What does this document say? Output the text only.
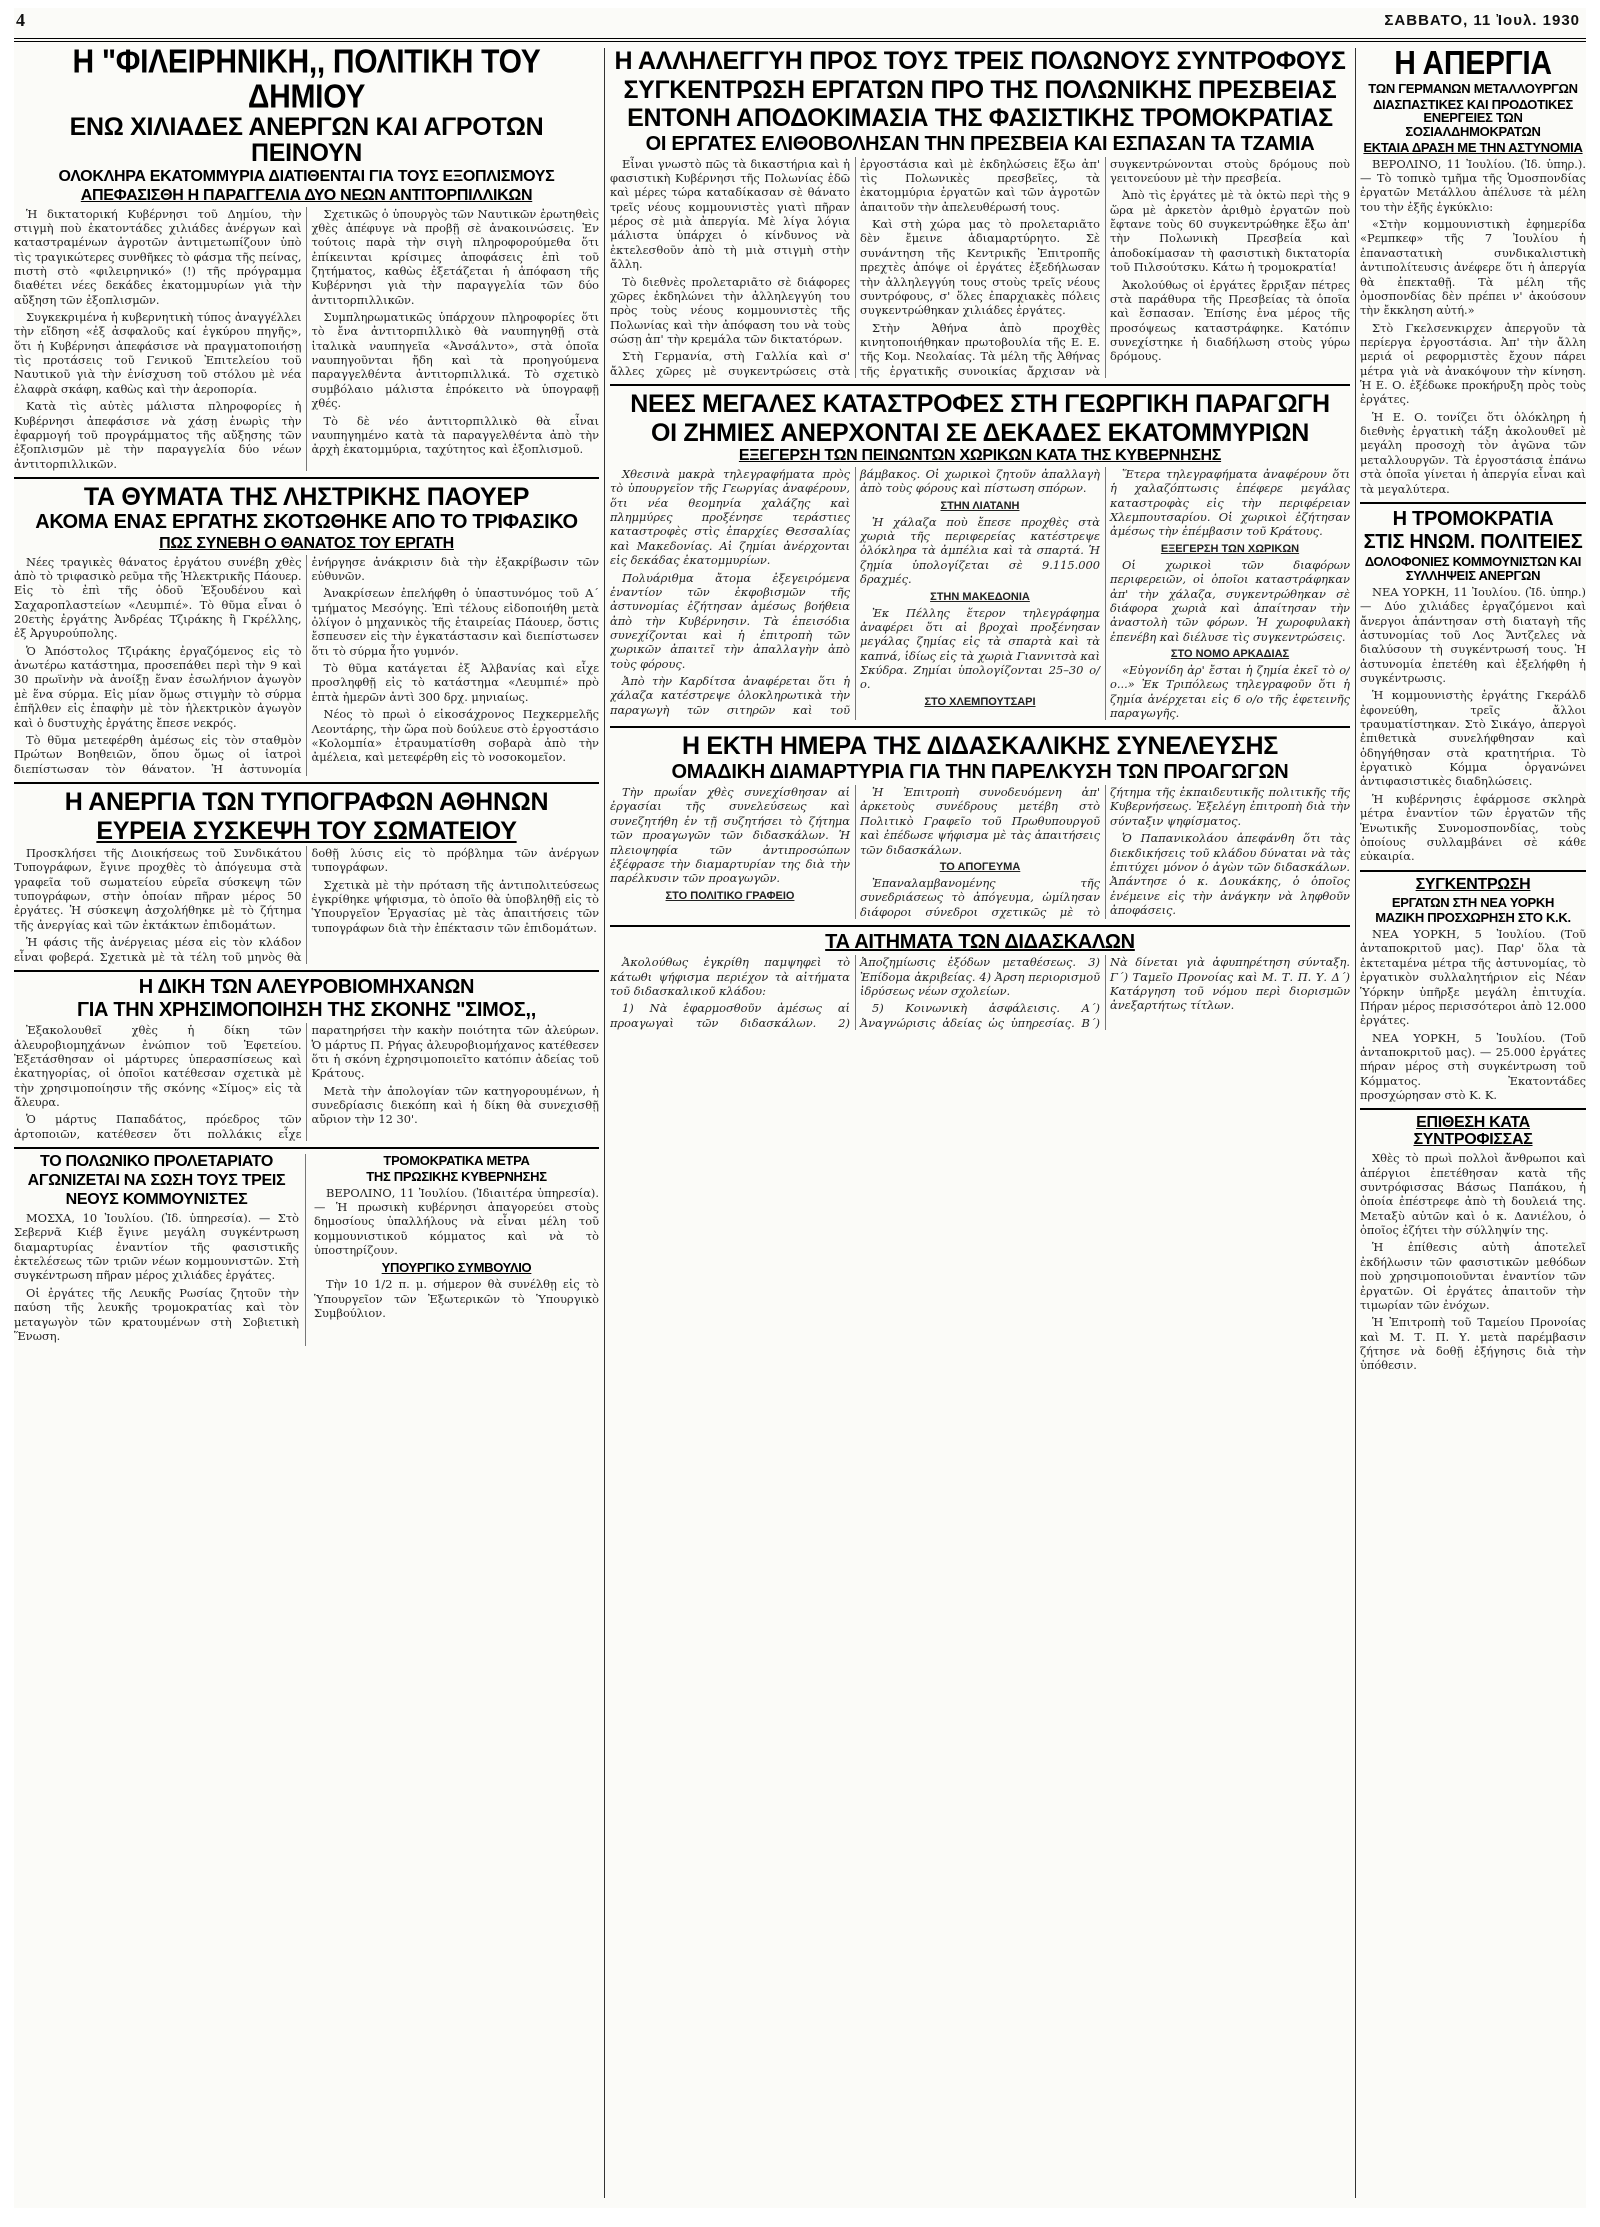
4	ΣΑΒΒΑΤΟ, 11 Ἰουλ. 1930
Η "ΦΙΛΕΙΡΗΝΙΚΗ,, ΠΟΛΙΤΙΚΗ ΤΟΥ ΔΗΜΙΟΥ
ΕΝΩ ΧΙΛΙΑΔΕΣ ΑΝΕΡΓΩΝ ΚΑΙ ΑΓΡΟΤΩΝ ΠΕΙΝΟΥΝ
ΟΛΟΚΛΗΡΑ ΕΚΑΤΟΜΜΥΡΙΑ ΔΙΑΤΙΘΕΝΤΑΙ ΓΙΑ ΤΟΥΣ ΕΞΟΠΛΙΣΜΟΥΣ
ΑΠΕΦΑΣΙΣΘΗ Η ΠΑΡΑΓΓΕΛΙΑ ΔΥΟ ΝΕΩΝ ΑΝΤΙΤΟΡΠΙΛΛΙΚΩΝ

Ἡ δικτατορική Κυβέρνησι τοῦ Δημίου, τὴν στιγμὴ ποὺ ἑκατοντάδες χιλιάδες ἀνέργων καὶ καταστραμένων ἀγροτῶν ἀντιμετωπίζουν ὑπὸ τὶς τραγικώτερες συνθῆκες τὸ φάσμα τῆς πείνας, πιστὴ στὸ «φιλειρηνικό» (!) τῆς πρόγραμμα διαθέτει νέες δεκάδες ἑκατομμυρίων γιὰ τὴν αὔξηση τῶν ἐξοπλισμῶν.

Συγκεκριμένα ἡ κυβερνητικὴ τύπος ἀναγγέλλει τὴν εἴδηση «ἐξ ἀσφαλοῦς καί ἐγκύρου πηγῆς», ὅτι ἡ Κυβέρνησι ἀπεφάσισε νὰ πραγματοποιήσῃ τὶς προτάσεις τοῦ Γενικοῦ Ἐπιτελείου τοῦ Ναυτικοῦ γιὰ τὴν ἐνίσχυση τοῦ στόλου μὲ νέα ἐλαφρὰ σκάφη, καθὼς καὶ τὴν ἀεροπορία.

Κατὰ τὶς αὐτὲς μάλιστα πληροφορίες ἡ Κυβέρνησι ἀπεφάσισε νὰ χάσῃ ἐνωρὶς τὴν ἐφαρμογή τοῦ προγράμματος τῆς αὔξησης τῶν ἐξοπλισμῶν μὲ τὴν παραγγελία δύο νέων ἀντιτορπιλλικῶν.

Σχετικῶς ὁ ὑπουργὸς τῶν Ναυτικῶν ἐρωτηθεὶς χθὲς ἀπέφυγε νὰ προβῇ σὲ ἀνακοινώσεις. Ἐν τούτοις παρὰ τὴν σιγὴ πληροφορούμεθα ὅτι ἐπίκεινται κρίσιμες ἀποφάσεις ἐπὶ τοῦ ζητήματος, καθὼς ἐξετάζεται ἡ ἀπόφαση τῆς Κυβέρνησι γιὰ τὴν παραγγελία τῶν δύο ἀντιτορπιλλικῶν.

Συμπληρωματικῶς ὑπάρχουν πληροφορίες ὅτι τὸ ἔνα ἀντιτορπιλλικὸ θὰ ναυπηγηθῇ στὰ ἰταλικὰ ναυπηγεῖα «Ἀνσάλντο», στὰ ὁποῖα ναυπηγοῦνται ἤδη καὶ τὰ προηγούμενα παραγγελθέντα ἀντιτορπιλλικά. Τὸ σχετικὸ συμβόλαιο μάλιστα ἐπρόκειτο νὰ ὑπογραφῇ χθές.

Τὸ δὲ νέο ἀντιτορπιλλικὸ θὰ εἶναι ναυπηγημένο κατὰ τὰ παραγγελθέντα ἀπὸ τὴν ἀρχὴ ἑκατομμύρια, ταχύτητος καὶ ἐξοπλισμοῦ.

ΤΑ ΘΥΜΑΤΑ ΤΗΣ ΛΗΣΤΡΙΚΗΣ ΠΑΟΥΕΡ
ΑΚΟΜΑ ΕΝΑΣ ΕΡΓΑΤΗΣ ΣΚΟΤΩΘΗΚΕ ΑΠΟ ΤΟ ΤΡΙΦΑΣΙΚΟ
ΠΩΣ ΣΥΝΕΒΗ Ο ΘΑΝΑΤΟΣ ΤΟΥ ΕΡΓΑΤΗ

Νέες τραγικὲς θάνατος ἐργάτου συνέβη χθὲς ἀπὸ τὸ τριφασικὸ ρεῦμα τῆς Ἡλεκτρικῆς Πάουερ. Εἰς τὸ ἐπὶ τῆς ὁδοῦ Ἑξουδένου καὶ Σαχαροπλαστείων «Λευμπιέ». Τὸ θῦμα εἶναι ὁ 20ετὴς ἐργάτης Ἀνδρέας Τζιράκης ἢ Γκρέλλης, ἐξ Ἀργυρούπολης.

Ὁ Ἀπόστολος Τζιράκης ἐργαζόμενος εἰς τὸ ἀνωτέρω κατάστημα, προσεπάθει περὶ τὴν 9 καὶ 30 πρωϊνὴν νὰ ἀνοίξῃ ἕναν ἐσωλήνιον ἀγωγὸν μὲ ἕνα σύρμα. Εἰς μίαν ὅμως στιγμὴν τὸ σύρμα ἐπῆλθεν εἰς ἐπαφὴν μὲ τὸν ἠλεκτρικὸν ἀγωγὸν καὶ ὁ δυστυχὴς ἐργάτης ἔπεσε νεκρός.

Τὸ θῦμα μετεφέρθη ἀμέσως εἰς τὸν σταθμὸν Πρώτων Βοηθειῶν, ὅπου ὅμως οἱ ἰατροὶ διεπίστωσαν τὸν θάνατον. Ἡ ἀστυνομία ἐνήργησε ἀνάκρισιν διὰ τὴν ἐξακρίβωσιν τῶν εὐθυνῶν.

Ἀνακρίσεων ἐπελήφθη ὁ ὑπαστυνόμος τοῦ Α΄ τμήματος Μεσόγης. Ἐπὶ τέλους εἰδοποιήθη μετὰ ὀλίγον ὁ μηχανικὸς τῆς ἑταιρείας Πάουερ, ὅστις ἔσπευσεν εἰς τὴν ἐγκατάστασιν καὶ διεπίστωσεν ὅτι τὸ σύρμα ἦτο γυμνόν.

Τὸ θῦμα κατάγεται ἐξ Ἀλβανίας καὶ εἶχε προσληφθῇ εἰς τὸ κατάστημα «Λευμπιέ» πρὸ ἑπτὰ ἡμερῶν ἀντὶ 300 δρχ. μηνιαίως.

Νέος τὸ πρωὶ ὁ εἰκοσάχρονος Πεχκερμελῆς Λεοντάρης, τὴν ὥρα ποὺ δούλευε στὸ ἐργοστάσιο «Κολομπία» ἐτραυματίσθη σοβαρὰ ἀπὸ τὴν ἀμέλεια, καὶ μετεφέρθη εἰς τὸ νοσοκομεῖον.

Η ΑΝΕΡΓΙΑ ΤΩΝ ΤΥΠΟΓΡΑΦΩΝ ΑΘΗΝΩΝ
ΕΥΡΕΙΑ ΣΥΣΚΕΨΗ ΤΟΥ ΣΩΜΑΤΕΙΟΥ

Προσκλήσει τῆς Διοικήσεως τοῦ Συνδικάτου Τυπογράφων, ἔγινε προχθὲς τὸ ἀπόγευμα στὰ γραφεῖα τοῦ σωματείου εὐρεῖα σύσκεψη τῶν τυπογράφων, στὴν ὁποίαν πῆραν μέρος 50 ἐργάτες. Ἡ σύσκεψη ἀσχολήθηκε μὲ τὸ ζήτημα τῆς ἀνεργίας καὶ τῶν ἐκτάκτων ἐπιδομάτων.

Ἡ φάσις τῆς ἀνέργειας μέσα εἰς τὸν κλάδον εἶναι φοβερά. Σχετικὰ μὲ τὰ τέλη τοῦ μηνὸς θὰ δοθῇ λύσις εἰς τὸ πρόβλημα τῶν ἀνέργων τυπογράφων.

Σχετικὰ μὲ τὴν πρόταση τῆς ἀντιπολιτεύσεως ἐγκρίθηκε ψήφισμα, τὸ ὁποῖο θὰ ὑποβληθῇ εἰς τὸ Ὑπουργεῖον Ἐργασίας μὲ τὰς ἀπαιτήσεις τῶν τυπογράφων διὰ τὴν ἐπέκτασιν τῶν ἐπιδομάτων.

Η ΔΙΚΗ ΤΩΝ ΑΛΕΥΡΟΒΙΟΜΗΧΑΝΩΝ
ΓΙΑ ΤΗΝ ΧΡΗΣΙΜΟΠΟΙΗΣΗ ΤΗΣ ΣΚΟΝΗΣ "ΣΙΜΟΣ,,

Ἐξακολουθεῖ χθὲς ἡ δίκη τῶν ἀλευροβιομηχάνων ἐνώπιον τοῦ Ἐφετείου. Ἐξετάσθησαν οἱ μάρτυρες ὑπερασπίσεως καὶ ἐκατηγορίας, οἱ ὁποῖοι κατέθεσαν σχετικὰ μὲ τὴν χρησιμοποίησιν τῆς σκόνης «Σίμος» εἰς τὰ ἄλευρα.

Ὁ μάρτυς Παπαδάτος, πρόεδρος τῶν ἀρτοποιῶν, κατέθεσεν ὅτι πολλάκις εἶχε παρατηρήσει τὴν κακὴν ποιότητα τῶν ἀλεύρων. Ὁ μάρτυς Π. Ρήγας ἀλευροβιομήχανος κατέθεσεν ὅτι ἡ σκόνη ἐχρησιμοποιεῖτο κατόπιν ἀδείας τοῦ Κράτους.

Μετὰ τὴν ἀπολογίαν τῶν κατηγορουμένων, ἡ συνεδρίασις διεκόπη καὶ ἡ δίκη θὰ συνεχισθῇ αὔριον τὴν 12 30'.

ΤΟ ΠΟΛΩΝΙΚΟ ΠΡΟΛΕΤΑΡΙΑΤΟ
ΑΓΩΝΙΖΕΤΑΙ ΝΑ ΣΩΣΗ ΤΟΥΣ ΤΡΕΙΣ
ΝΕΟΥΣ ΚΟΜΜΟΥΝΙΣΤΕΣ

ΜΟΣΧΑ, 10 Ἰουλίου. (Ἰδ. ὑπηρεσία). — Στὸ Σεβερνᾶ Κιέβ ἔγινε μεγάλη συγκέντρωση διαμαρτυρίας ἐναντίον τῆς φασιστικῆς ἐκτελέσεως τῶν τριῶν νέων κομμουνιστῶν. Στὴ συγκέντρωση πῆραν μέρος χιλιάδες ἐργάτες.

Οἱ ἐργάτες τῆς Λευκῆς Ρωσίας ζητοῦν τὴν παύση τῆς λευκῆς τρομοκρατίας καὶ τὸν μεταγωγὸν τῶν κρατουμένων στὴ Σοβιετικὴ Ἕνωση.

ΤΡΟΜΟΚΡΑΤΙΚΑ ΜΕΤΡΑ
ΤΗΣ ΠΡΩΣΙΚΗΣ ΚΥΒΕΡΝΗΣΗΣ

ΒΕΡΟΛΙΝΟ, 11 Ἰουλίου. (Ἰδιαιτέρα ὑπηρεσία). — Ἡ πρωσικὴ κυβέρνησι ἀπαγορεύει στοὺς δημοσίους ὑπαλλήλους νὰ εἶναι μέλη τοῦ κομμουνιστικοῦ κόμματος καὶ νὰ τὸ ὑποστηρίζουν.

ΥΠΟΥΡΓΙΚΟ ΣΥΜΒΟΥΛΙΟ

Τὴν 10 1/2 π. μ. σήμερον θὰ συνέλθῃ εἰς τὸ Ὑπουργεῖον τῶν Ἐξωτερικῶν τὸ Ὑπουργικὸ Συμβούλιον.

Η ΑΛΛΗΛΕΓΓΥΗ ΠΡΟΣ ΤΟΥΣ ΤΡΕΙΣ ΠΟΛΩΝΟΥΣ ΣΥΝΤΡΟΦΟΥΣ
ΣΥΓΚΕΝΤΡΩΣΗ ΕΡΓΑΤΩΝ ΠΡΟ ΤΗΣ ΠΟΛΩΝΙΚΗΣ ΠΡΕΣΒΕΙΑΣ
ΕΝΤΟΝΗ ΑΠΟΔΟΚΙΜΑΣΙΑ ΤΗΣ ΦΑΣΙΣΤΙΚΗΣ ΤΡΟΜΟΚΡΑΤΙΑΣ
ΟΙ ΕΡΓΑΤΕΣ ΕΛΙΘΟΒΟΛΗΣΑΝ ΤΗΝ ΠΡΕΣΒΕΙΑ ΚΑΙ ΕΣΠΑΣΑΝ ΤΑ ΤΖΑΜΙΑ

Εἶναι γνωστὸ πῶς τὰ δικαστήρια καὶ ἡ φασιστικὴ Κυβέρνησι τῆς Πολωνίας ἐδῶ καὶ μέρες τώρα καταδίκασαν σὲ θάνατο τρεῖς νέους κομμουνιστὲς γιατὶ πῆραν μέρος σὲ μιὰ ἀπεργία. Μὲ λίγα λόγια μάλιστα ὑπάρχει ὁ κίνδυνος νὰ ἐκτελεσθοῦν ἀπὸ τὴ μιὰ στιγμὴ στὴν ἄλλη.

Τὸ διεθνὲς προλεταριᾶτο σὲ διάφορες χῶρες ἐκδηλώνει τὴν ἀλληλεγγύη του πρὸς τοὺς νέους κομμουνιστὲς τῆς Πολωνίας καὶ τὴν ἀπόφαση του νὰ τοὺς σώσῃ ἀπ' τὴν κρεμάλα τῶν δικτατόρων.

Στὴ Γερμανία, στὴ Γαλλία καὶ σ' ἄλλες χῶρες μὲ συγκεντρώσεις στὰ ἐργοστάσια καὶ μὲ ἐκδηλώσεις ἔξω ἀπ' τὶς Πολωνικὲς πρεσβεῖες, τὰ ἐκατομμύρια ἐργατῶν καὶ τῶν ἀγροτῶν ἀπαιτοῦν τὴν ἀπελευθέρωσή τους.

Καὶ στὴ χώρα μας τὸ προλεταριᾶτο δὲν ἔμεινε ἀδιαμαρτύρητο. Σὲ συνάντηση τῆς Κεντρικῆς Ἐπιτροπῆς πρεχτὲς ἀπόψε οἱ ἐργάτες ἐξεδήλωσαν τὴν ἀλληλεγγύη τους στοὺς τρεῖς νέους συντρόφους, σ' ὅλες ἐπαρχιακὲς πόλεις συγκεντρώθηκαν χιλιάδες ἐργάτες.

Στὴν Ἀθήνα ἀπὸ προχθὲς κινητοποιήθηκαν πρωτοβουλία τῆς Ε. Ε. τῆς Κομ. Νεολαίας. Τὰ μέλη τῆς Ἀθήνας τῆς ἐργατικῆς συνοικίας ἄρχισαν νὰ συγκεντρώνονται στοὺς δρόμους ποὺ γειτονεύουν μὲ τὴν πρεσβεία.

Ἀπὸ τὶς ἐργάτες μὲ τὰ ὀκτὼ περὶ τὴς 9 ὥρα μὲ ἀρκετὸν ἀριθμὸ ἐργατῶν ποὺ ἔφτανε τοὺς 60 συγκεντρώθηκε ἔξω ἀπ' τὴν Πολωνικὴ Πρεσβεία καὶ ἀποδοκίμασαν τὴ φασιστικὴ δικτατορία τοῦ Πιλσούτσκυ. Κάτω ἡ τρομοκρατία!

Ἀκολούθως οἱ ἐργάτες ἔρριξαν πέτρες στὰ παράθυρα τῆς Πρεσβείας τὰ ὁποῖα καὶ ἔσπασαν. Ἐπίσης ἐνα μέρος τῆς προσόψεως καταστράφηκε. Κατόπιν συνεχίστηκε ἡ διαδήλωση στοὺς γύρω δρόμους.

ΝΕΕΣ ΜΕΓΑΛΕΣ ΚΑΤΑΣΤΡΟΦΕΣ ΣΤΗ ΓΕΩΡΓΙΚΗ ΠΑΡΑΓΩΓΗ
ΟΙ ΖΗΜΙΕΣ ΑΝΕΡΧΟΝΤΑΙ ΣΕ ΔΕΚΑΔΕΣ ΕΚΑΤΟΜΜΥΡΙΩΝ
ΕΞΕΓΕΡΣΗ ΤΩΝ ΠΕΙΝΩΝΤΩΝ ΧΩΡΙΚΩΝ ΚΑΤΑ ΤΗΣ ΚΥΒΕΡΝΗΣΗΣ

Χθεσινὰ μακρὰ τηλεγραφήματα πρὸς τὸ ὑπουργεῖον τῆς Γεωργίας ἀναφέρουν, ὅτι νέα θεομηνία χαλάζης καὶ πλημμύρες προξένησε τεράστιες καταστροφὲς στὶς ἐπαρχίες Θεσσαλίας καὶ Μακεδονίας. Αἱ ζημίαι ἀνέρχονται εἰς δεκάδας ἐκατομμυρίων.

Πολυάριθμα ἄτομα ἐξεγειρόμενα ἐναντίον τῶν ἐκφοβισμῶν τῆς ἀστυνομίας ἐζήτησαν ἀμέσως βοήθεια ἀπὸ τὴν Κυβέρνησιν. Τὰ ἐπεισόδια συνεχίζονται καὶ ἡ ἐπιτροπὴ τῶν χωρικῶν ἀπαιτεῖ τὴν ἀπαλλαγὴν ἀπὸ τοὺς φόρους.

Ἀπὸ τὴν Καρδίτσα ἀναφέρεται ὅτι ἡ χάλαζα κατέστρεψε ὁλοκληρωτικὰ τὴν παραγωγὴ τῶν σιτηρῶν καὶ τοῦ βάμβακος. Οἱ χωρικοὶ ζητοῦν ἀπαλλαγὴ ἀπὸ τοὺς φόρους καὶ πίστωση σπόρων.

ΣΤΗΝ ΛΙΑΤΑΝΗ

Ἡ χάλαζα ποὺ ἔπεσε προχθὲς στὰ χωριὰ τῆς περιφερείας κατέστρεψε ὁλόκληρα τὰ ἀμπέλια καὶ τὰ σπαρτά. Ἡ ζημία ὑπολογίζεται σὲ 9.115.000 δραχμές.

ΣΤΗΝ ΜΑΚΕΔΟΝΙΑ

Ἐκ Πέλλης ἕτερον τηλεγράφημα ἀναφέρει ὅτι αἱ βροχαὶ προξένησαν μεγάλας ζημίας εἰς τὰ σπαρτὰ καὶ τὰ καπνά, ἰδίως εἰς τὰ χωριὰ Γιαννιτσὰ καὶ Σκύδρα. Ζημίαι ὑπολογίζονται 25–30 ο/ο.

ΣΤΟ ΧΛΕΜΠΟΥΤΣΑΡΙ

Ἕτερα τηλεγραφήματα ἀναφέρουν ὅτι ἡ χαλαζόπτωσις ἐπέφερε μεγάλας καταστροφὰς εἰς τὴν περιφέρειαν Χλεμπουτσαρίου. Οἱ χωρικοὶ ἐζήτησαν ἀμέσως τὴν ἐπέμβασιν τοῦ Κράτους.

ΕΞΕΓΕΡΣΗ ΤΩΝ ΧΩΡΙΚΩΝ

Οἱ χωρικοὶ τῶν διαφόρων περιφερειῶν, οἱ ὁποῖοι καταστράφηκαν ἀπ' τὴν χάλαζα, συγκεντρώθηκαν σὲ διάφορα χωριὰ καὶ ἀπαίτησαν τὴν ἀναστολὴ τῶν φόρων. Ἡ χωροφυλακὴ ἐπενέβη καὶ διέλυσε τὶς συγκεντρώσεις.

ΣΤΟ ΝΟΜΟ ΑΡΚΑΔΙΑΣ

«Εὐγονίδη ἀρ' ἔσται ἡ ζημία ἐκεῖ τὸ ο/ο...» Ἐκ Τριπόλεως τηλεγραφοῦν ὅτι ἡ ζημία ἀνέρχεται εἰς 6 ο/ο τῆς ἐφετεινῆς παραγωγῆς.

Η ΕΚΤΗ ΗΜΕΡΑ ΤΗΣ ΔΙΔΑΣΚΑΛΙΚΗΣ ΣΥΝΕΛΕΥΣΗΣ
ΟΜΑΔΙΚΗ ΔΙΑΜΑΡΤΥΡΙΑ ΓΙΑ ΤΗΝ ΠΑΡΕΛΚΥΣΗ ΤΩΝ ΠΡΟΑΓΩΓΩΝ

Τὴν πρωΐαν χθὲς συνεχίσθησαν αἱ ἐργασίαι τῆς συνελεύσεως καὶ συνεζητήθη ἐν τῇ συζητήσει τὸ ζήτημα τῶν προαγωγῶν τῶν διδασκάλων. Ἡ πλειοψηφία τῶν ἀντιπροσώπων ἐξέφρασε τὴν διαμαρτυρίαν της διὰ τὴν παρέλκυσιν τῶν προαγωγῶν.

ΣΤΟ ΠΟΛΙΤΙΚΟ ΓΡΑΦΕΙΟ

Ἡ Ἐπιτροπὴ συνοδευόμενη ἀπ' ἀρκετοὺς συνέδρους μετέβη στὸ Πολιτικὸ Γραφεῖο τοῦ Πρωθυπουργοῦ καὶ ἐπέδωσε ψήφισμα μὲ τὰς ἀπαιτήσεις τῶν διδασκάλων.

ΤΟ ΑΠΟΓΕΥΜΑ

Ἐπαναλαμβανομένης τῆς συνεδριάσεως τὸ ἀπόγευμα, ὡμίλησαν διάφοροι σύνεδροι σχετικῶς μὲ τὸ ζήτημα τῆς ἐκπαιδευτικῆς πολιτικῆς τῆς Κυβερνήσεως. Ἐξελέγη ἐπιτροπὴ διὰ τὴν σύνταξιν ψηφίσματος.

Ὁ Παπανικολάου ἀπεφάνθη ὅτι τὰς διεκδικήσεις τοῦ κλάδου δύναται νὰ τὰς ἐπιτύχει μόνον ὁ ἀγὼν τῶν διδασκάλων. Ἀπάντησε ὁ κ. Δουκάκης, ὁ ὁποῖος ἐνέμεινε εἰς τὴν ἀνάγκην νὰ ληφθοῦν ἀποφάσεις.

ΤΑ ΑΙΤΗΜΑΤΑ ΤΩΝ ΔΙΔΑΣΚΑΛΩΝ

Ἀκολούθως ἐγκρίθη παμψηφεὶ τὸ κάτωθι ψήφισμα περιέχον τὰ αἰτήματα τοῦ διδασκαλικοῦ κλάδου:

1) Νὰ ἐφαρμοσθοῦν ἀμέσως αἱ προαγωγαὶ τῶν διδασκάλων. 2) Ἀποζημίωσις ἐξόδων μεταθέσεως. 3) Ἐπίδομα ἀκριβείας. 4) Ἀρση περιορισμοῦ ἰδρύσεως νέων σχολείων.

5) Κοινωνικὴ ἀσφάλεισις. Α΄) Ἀναγνώρισις ἀδείας ὡς ὑπηρεσίας. Β΄) Νὰ δίνεται γιὰ ἀφυπηρέτηση σύνταξη. Γ΄) Ταμεῖο Προνοίας καὶ Μ. Τ. Π. Υ. Δ΄) Κατάργηση τοῦ νόμου περὶ διορισμῶν ἀνεξαρτήτως τίτλων.

Η ΑΠΕΡΓΙΑ
ΤΩΝ ΓΕΡΜΑΝΩΝ ΜΕΤΑΛΛΟΥΡΓΩΝ
ΔΙΑΣΠΑΣΤΙΚΕΣ ΚΑΙ ΠΡΟΔΟΤΙΚΕΣ ΕΝΕΡΓΕΙΕΣ ΤΩΝ ΣΟΣΙΑΛΔΗΜΟΚΡΑΤΩΝ
ΕΚΤΑΙΑ ΔΡΑΣΗ ΜΕ ΤΗΝ ΑΣΤΥΝΟΜΙΑ

ΒΕΡΟΛΙΝΟ, 11 Ἰουλίου. (Ἰδ. ὑπηρ.). — Τὸ τοπικὸ τμῆμα τῆς Ὁμοσπονδίας ἐργατῶν Μετάλλου ἀπέλυσε τὰ μέλη του τὴν ἐξῆς ἐγκύκλιο:

«Στὴν κομμουνιστικὴ ἐφημερίδα «Ρεμπκεφ» τῆς 7 Ἰουλίου ἡ ἐπαναστατικὴ συνδικαλιστικὴ ἀντιπολίτευσις ἀνέφερε ὅτι ἡ ἀπεργία θὰ ἐπεκταθῇ. Τὰ μέλη τῆς ὁμοσπονδίας δὲν πρέπει ν' ἀκούσουν τὴν ἔκκληση αὐτή.»

Στὸ Γκελσενκιρχεν ἀπεργοῦν τὰ περίεργα ἐργοστάσια. Ἀπ' τὴν ἄλλη μεριά οἱ ρεφορμιστὲς ἔχουν πάρει μέτρα γιὰ νὰ ἀνακόψουν τὴν κίνηση. Ἡ Ε. Ο. ἐξέδωκε προκήρυξη πρὸς τοὺς ἐργάτες.

Ἡ Ε. Ο. τονίζει ὅτι ὁλόκληρη ἡ διεθνὴς ἐργατικὴ τάξη ἀκολουθεῖ μὲ μεγάλη προσοχὴ τὸν ἀγῶνα τῶν μεταλλουργῶν. Τὰ ἐργοστάσια ἐπάνω στὰ ὁποῖα γίνεται ἡ ἀπεργία εἶναι καὶ τὰ μεγαλύτερα.

Η ΤΡΟΜΟΚΡΑΤΙΑ
ΣΤΙΣ ΗΝΩΜ. ΠΟΛΙΤΕΙΕΣ
ΔΟΛΟΦΟΝΙΕΣ ΚΟΜΜΟΥΝΙΣΤΩΝ ΚΑΙ ΣΥΛΛΗΨΕΙΣ ΑΝΕΡΓΩΝ

ΝΕΑ ΥΟΡΚΗ, 11 Ἰουλίου. (Ἰδ. ὑπηρ.) — Δύο χιλιάδες ἐργαζόμενοι καὶ ἄνεργοι ἀπάντησαν στὴ διαταγὴ τῆς ἀστυνομίας τοῦ Λος Ἄντζελες νὰ διαλύσουν τὴ συγκέντρωσή τους. Ἡ ἀστυνομία ἐπετέθη καὶ ἐξελήφθη ἡ συγκέντρωσις.

Ἡ κομμουνιστὴς ἐργάτης Γκεράλδ ἐφονεύθη, τρεῖς ἄλλοι τραυματίστηκαν. Στὸ Σικάγο, ἀπεργοὶ ἐπιθετικὰ συνελήφθησαν καὶ ὁδηγήθησαν στὰ κρατητήρια. Τὸ ἐργατικὸ Κόμμα ὀργανώνει ἀντιφασιστικὲς διαδηλώσεις.

Ἡ κυβέρνησις ἐφάρμοσε σκληρὰ μέτρα ἐναντίον τῶν ἐργατῶν τῆς Ἑνωτικῆς Συνομοσπονδίας, τοὺς ὁποίους συλλαμβάνει σὲ κάθε εὐκαιρία.

ΣΥΓΚΕΝΤΡΩΣΗ
ΕΡΓΑΤΩΝ ΣΤΗ ΝΕΑ ΥΟΡΚΗ
ΜΑΖΙΚΗ ΠΡΟΣΧΩΡΗΣΗ ΣΤΟ Κ.Κ.

ΝΕΑ ΥΟΡΚΗ, 5 Ἰουλίου. (Τοῦ ἀνταποκριτοῦ μας). Παρ' ὅλα τὰ ἐκτεταμένα μέτρα τῆς ἀστυνομίας, τὸ ἐργατικὸν συλλαλητήριον εἰς Νέαν Ὑόρκην ὑπῆρξε μεγάλη ἐπιτυχία. Πήραν μέρος περισσότεροι ἀπὸ 12.000 ἐργάτες.

ΝΕΑ ΥΟΡΚΗ, 5 Ἰουλίου. (Τοῦ ἀνταποκριτοῦ μας). — 25.000 ἐργάτες πήραν μέρος στὴ συγκέντρωση τοῦ Κόμματος. Ἐκατοντάδες προσχώρησαν στὸ Κ. Κ.

ΕΠΙΘΕΣΗ ΚΑΤΑ ΣΥΝΤΡΟΦΙΣΣΑΣ

Χθὲς τὸ πρωὶ πολλοὶ ἄνθρωποι καὶ ἀπέργιοι ἐπετέθησαν κατὰ τῆς συντρόφισσας Βάσως Παπάκου, ἡ ὁποία ἐπέστρεφε ἀπὸ τὴ δουλειά της. Μεταξὺ αὐτῶν καὶ ὁ κ. Δανιέλου, ὁ ὁποῖος ἐζήτει τὴν σύλληψίν της.

Ἡ ἐπίθεσις αὐτὴ ἀποτελεῖ ἐκδήλωσιν τῶν φασιστικῶν μεθόδων ποὺ χρησιμοποιοῦνται ἐναντίον τῶν ἐργατῶν. Οἱ ἐργάτες ἀπαιτοῦν τὴν τιμωρίαν τῶν ἐνόχων.

Ἡ Ἐπιτροπὴ τοῦ Ταμείου Προνοίας καὶ Μ. Τ. Π. Υ. μετὰ παρέμβασιν ζήτησε νὰ δοθῇ ἐξήγησις διὰ τὴν ὑπόθεσιν.
